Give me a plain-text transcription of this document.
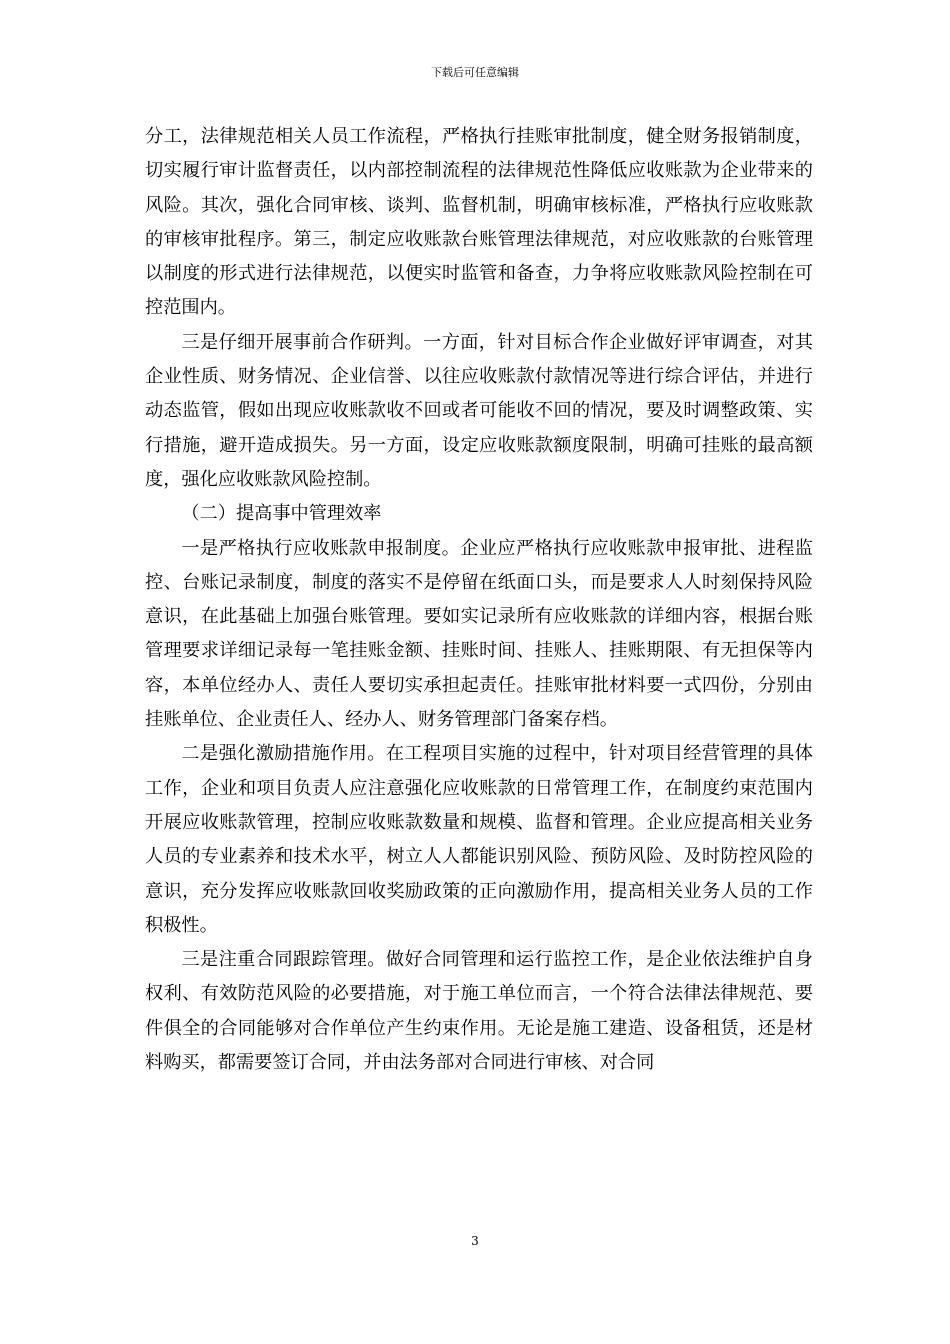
下载后可任意编辑

分工，法律规范相关人员工作流程，严格执行挂账审批制度，健全财务报销制度，切实履行审计监督责任，以内部控制流程的法律规范性降低应收账款为企业带来的风险。其次，强化合同审核、谈判、监督机制，明确审核标准，严格执行应收账款的审核审批程序。第三，制定应收账款台账管理法律规范，对应收账款的台账管理以制度的形式进行法律规范，以便实时监管和备查，力争将应收账款风险控制在可控范围内。

三是仔细开展事前合作研判。一方面，针对目标合作企业做好评审调查，对其企业性质、财务情况、企业信誉、以往应收账款付款情况等进行综合评估，并进行动态监管，假如出现应收账款收不回或者可能收不回的情况，要及时调整政策、实行措施，避开造成损失。另一方面，设定应收账款额度限制，明确可挂账的最高额度，强化应收账款风险控制。

（二）提高事中管理效率

一是严格执行应收账款申报制度。企业应严格执行应收账款申报审批、进程监控、台账记录制度，制度的落实不是停留在纸面口头，而是要求人人时刻保持风险意识，在此基础上加强台账管理。要如实记录所有应收账款的详细内容，根据台账管理要求详细记录每一笔挂账金额、挂账时间、挂账人、挂账期限、有无担保等内容，本单位经办人、责任人要切实承担起责任。挂账审批材料要一式四份，分别由挂账单位、企业责任人、经办人、财务管理部门备案存档。

二是强化激励措施作用。在工程项目实施的过程中，针对项目经营管理的具体工作，企业和项目负责人应注意强化应收账款的日常管理工作，在制度约束范围内开展应收账款管理，控制应收账款数量和规模、监督和管理。企业应提高相关业务人员的专业素养和技术水平，树立人人都能识别风险、预防风险、及时防控风险的意识，充分发挥应收账款回收奖励政策的正向激励作用，提高相关业务人员的工作积极性。

三是注重合同跟踪管理。做好合同管理和运行监控工作，是企业依法维护自身权利、有效防范风险的必要措施，对于施工单位而言，一个符合法律法律规范、要件俱全的合同能够对合作单位产生约束作用。无论是施工建造、设备租赁，还是材料购买，都需要签订合同，并由法务部对合同进行审核、对合同

3
